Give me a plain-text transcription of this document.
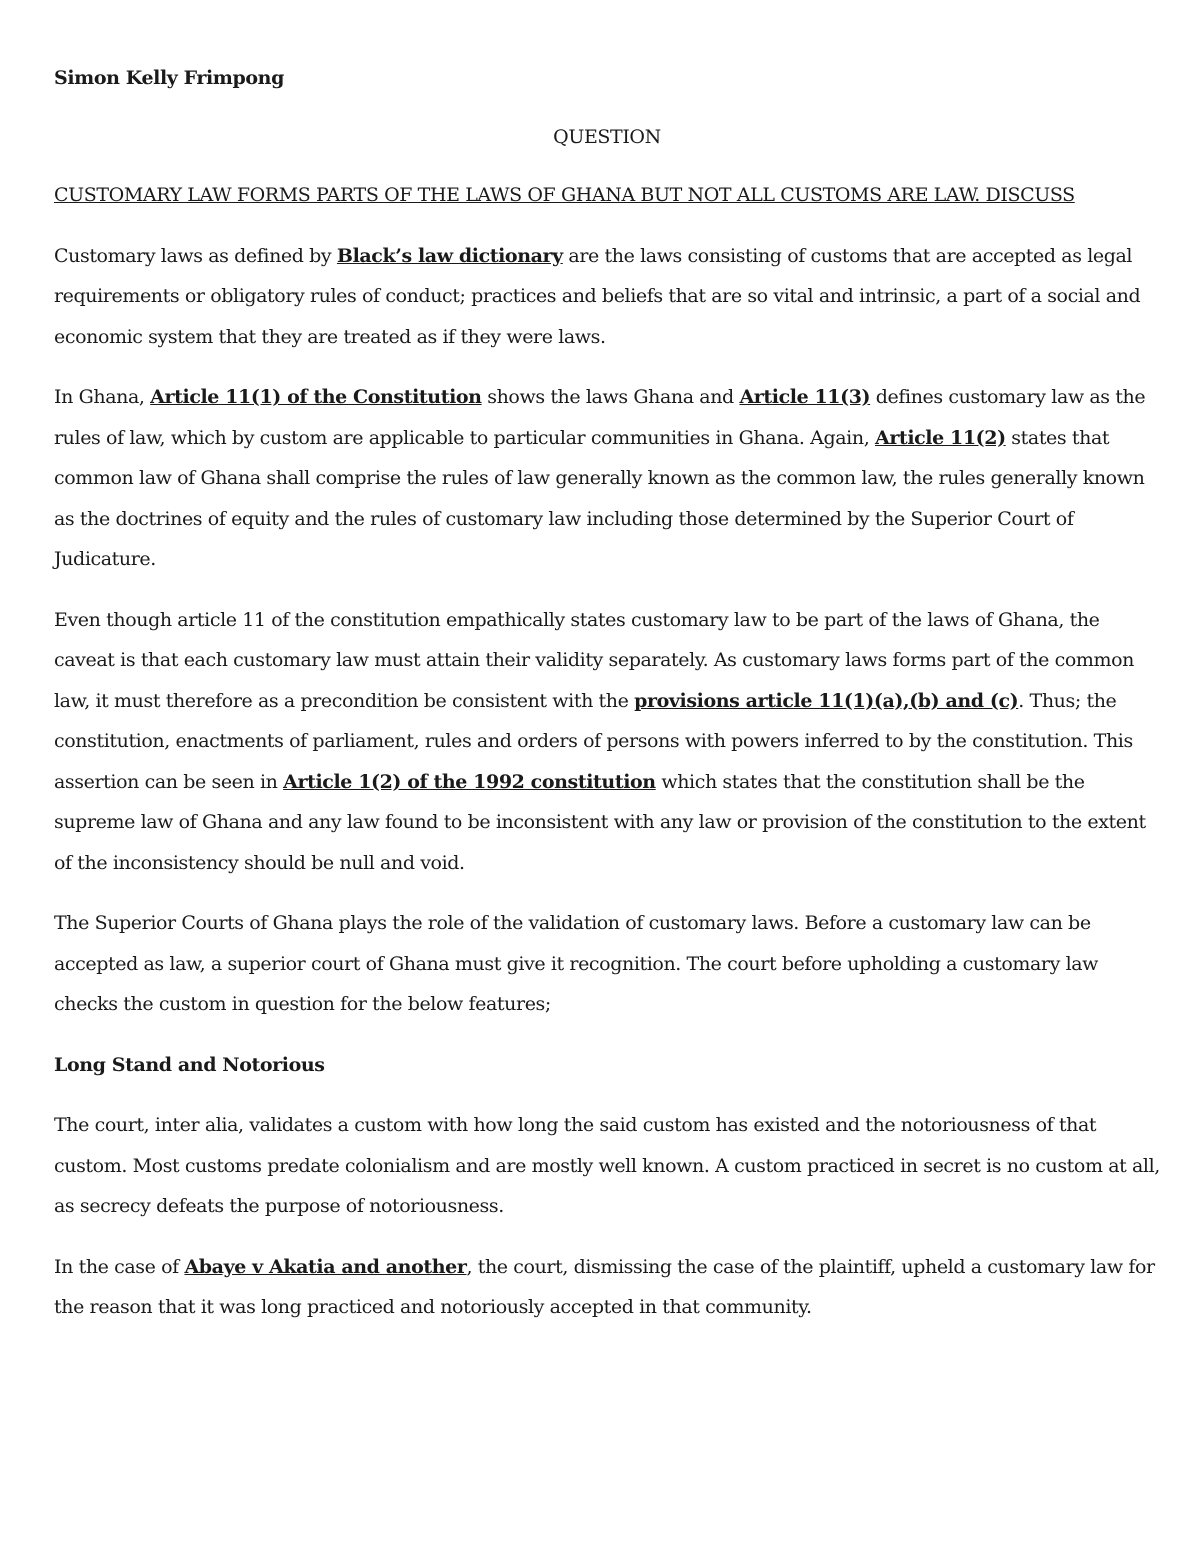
Simon Kelly Frimpong

QUESTION

CUSTOMARY LAW FORMS PARTS OF THE LAWS OF GHANA BUT NOT ALL CUSTOMS ARE LAW. DISCUSS

Customary laws as defined by Black’s law dictionary are the laws consisting of customs that are accepted as legal requirements or obligatory rules of conduct; practices and beliefs that are so vital and intrinsic, a part of a social and economic system that they are treated as if they were laws.

In Ghana, Article 11(1) of the Constitution shows the laws Ghana and Article 11(3) defines customary law as the rules of law, which by custom are applicable to particular communities in Ghana. Again, Article 11(2) states that common law of Ghana shall comprise the rules of law generally known as the common law, the rules generally known as the doctrines of equity and the rules of customary law including those determined by the Superior Court of Judicature.

Even though article 11 of the constitution empathically states customary law to be part of the laws of Ghana, the caveat is that each customary law must attain their validity separately. As customary laws forms part of the common law, it must therefore as a precondition be consistent with the provisions article 11(1)(a),(b) and (c). Thus; the constitution, enactments of parliament, rules and orders of persons with powers inferred to by the constitution. This assertion can be seen in Article 1(2) of the 1992 constitution which states that the constitution shall be the supreme law of Ghana and any law found to be inconsistent with any law or provision of the constitution to the extent of the inconsistency should be null and void.

The Superior Courts of Ghana plays the role of the validation of customary laws. Before a customary law can be accepted as law, a superior court of Ghana must give it recognition. The court before upholding a customary law checks the custom in question for the below features;

Long Stand and Notorious

The court, inter alia, validates a custom with how long the said custom has existed and the notoriousness of that custom. Most customs predate colonialism and are mostly well known. A custom practiced in secret is no custom at all, as secrecy defeats the purpose of notoriousness.

In the case of Abaye v Akatia and another, the court, dismissing the case of the plaintiff, upheld a customary law for the reason that it was long practiced and notoriously accepted in that community.
